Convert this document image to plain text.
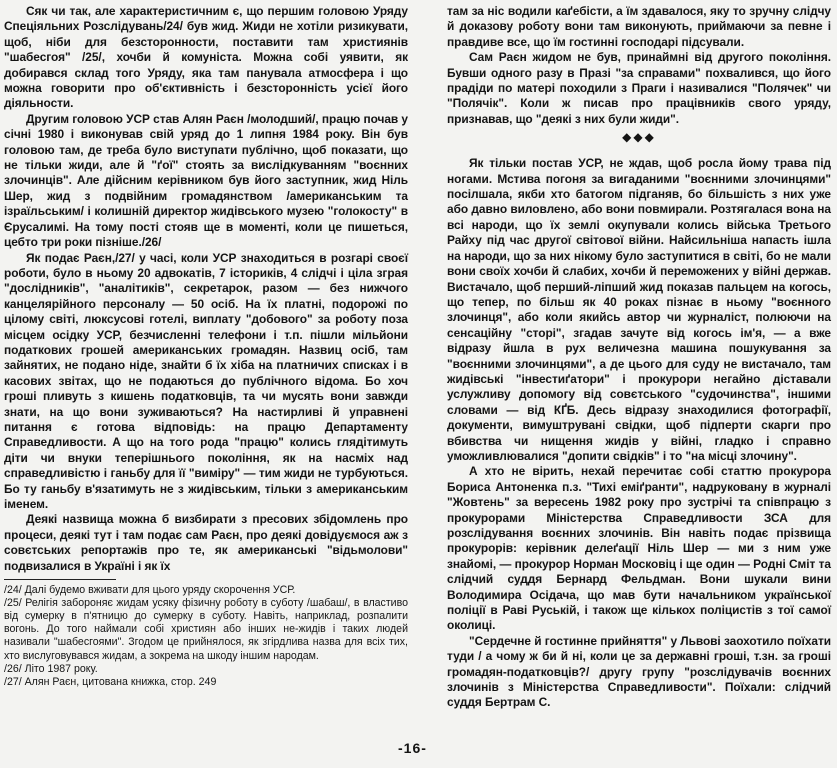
Сяк чи так, але характеристичним є, що першим головою Уряду Спеціяльних Розслідувань/24/ був жид. Жиди не хотіли ризикувати, щоб, ніби для безсторонности, поставити там християнів "шабесгоя" /25/, хочби й комуніста. Можна собі уявити, як добирався склад того Уряду, яка там панувала атмосфера і що можна говорити про об'єктивність і безсторонність усієї його діяльности.

Другим головою УСР став Алян Раєн /молодший/, працю почав у січні 1980 і виконував свій уряд до 1 липня 1984 року. Він був головою там, де треба було виступати публічно, щоб показати, що не тільки жиди, але й "ґої" стоять за вислідкуванням "воєнних злочинців". Але дійсним керівником був його заступник, жид Ніль Шер, жид з подвійним громадянством /американським та ізраїльським/ і колишній директор жидівського музею "голокосту" в Єрусалимі. На тому пості стояв ще в моменті, коли це пишеться, цебто три роки пізніше./26/

Як подає Раєн,/27/ у часі, коли УСР знаходиться в розгарі своєї роботи, було в ньому 20 адвокатів, 7 істориків, 4 слідчі і ціла зграя "дослідників", "аналітиків", секретарок, разом — без нижчого канцелярійного персоналу — 50 осіб. На їх платні, подорожі по цілому світі, люксусові готелі, виплату "добового" за роботу поза місцем осідку УСР, безчисленні телефони і т.п. пішли мільйони податкових грошей американських громадян. Назвиц осіб, там зайнятих, не подано ніде, знайти б їх хіба на платничих списках і в касових звітах, що не подаються до публічного відома. Бо хоч гроші пливуть з кишень податковців, та чи мусять вони завжди знати, на що вони зуживаються? На настирливі й управнені питання є готова відповідь: на працю Департаменту Справедливости. А що на того рода "працю" колись глядітимуть діти чи внуки теперішнього покоління, як на насміх над справедливістю і ганьбу для її "виміру" — тим жиди не турбуються. Бо ту ганьбу в'язатимуть не з жидівським, тільки з американським іменем.

Деякі назвища можна б визбирати з пресових збідомлень про процеси, деякі тут і там подає сам Раєн, про деякі довідуємося аж з совєтських репортажів про те, як американські "відьмолови" подвизалися в Україні і як їх

/24/ Далі будемо вживати для цього уряду скорочення УСР.

/25/ Релігія забороняє жидам усяку фізичну роботу в суботу /шабаш/, в властиво від сумерку в п'ятницю до сумерку в суботу. Навіть, наприклад, розпалити вогонь. До того наймали собі християн або інших не-жидів і таких людей називали "шабесгоями". Згодом це прийнялося, як згірдлива назва для всіх тих, хто вислуговувався жидам, а зокрема на шкоду іншим народам.

/26/ Літо 1987 року.

/27/ Алян Раєн, цитована книжка, стор. 249

там за ніс водили каґебісти, а їм здавалося, яку то зручну слідчу й доказову роботу вони там виконують, приймаючи за певне і правдиве все, що їм гостинні господарі підсували.

Сам Раєн жидом не був, принаймні від другого покоління. Бувши одного разу в Празі "за справами" похвалився, що його прадіди по матері походили з Праги і називалися "Полячек" чи "Полячік". Коли ж писав про працівників свого уряду, признавав, що "деякі з них були жиди".

◆◆◆

Як тільки постав УСР, не ждав, щоб росла йому трава під ногами. Мстива погоня за вигаданими "воєнними злочинцями" посілшала, якби хто батогом підганяв, бо більшість з них уже або давно виловлено, або вони повмирали. Розтягалася вона на всі народи, що їх землі окупували колись війська Третього Райху під час другої світової війни. Найсильніша напасть ішла на народи, що за них нікому було заступитися в світі, бо не мали вони своїх хочби й слабих, хочби й переможених у війні держав. Вистачало, щоб перший-ліпший жид показав пальцем на когось, що тепер, по більш як 40 роках пізнає в ньому "воєнного злочинця", або коли якийсь автор чи журналіст, полюючи на сенсаційну "сторі", згадав зачуте від когось ім'я, — а вже відразу йшла в рух величезна машина пошукування за "воєнними злочинцями", а де цього для суду не вистачало, там жидівські "інвестиґатори" і прокурори негайно діставали услужливу допомогу від совєтського "судочинства", іншими словами — від КҐБ. Десь відразу знаходилися фотографії, документи, вимуштрувані свідки, щоб підперти скарги про вбивства чи нищення жидів у війні, гладко і справно уможливлювалися "допити свідків" і то "на місці злочину".

А хто не вірить, нехай перечитає собі статтю прокурора Бориса Антоненка п.з. "Тихі еміґранти", надруковану в журналі "Жовтень" за вересень 1982 року про зустрічі та співпрацю з прокурорами Міністерства Справедливости ЗСА для розслідування воєнних злочинів. Він навіть подає прізвища прокурорів: керівник делеґації Ніль Шер — ми з ним уже знайомі, — прокурор Норман Московіц і ще один — Родні Сміт та слідчий суддя Бернард Фельдман. Вони шукали вини Володимира Осідача, що мав бути начальником української поліції в Раві Руській, і також ще кількох поліцистів з тої самої околиці.

"Сердечне й гостинне прийняття" у Львові заохотило поїхати туди / а чому ж би й ні, коли це за державні гроші, т.зн. за гроші громадян-податковців?/ другу групу "розслідувачів воєнних злочинів з Міністерства Справедливости". Поїхали: слідчий суддя Бертрам С.

-16-
